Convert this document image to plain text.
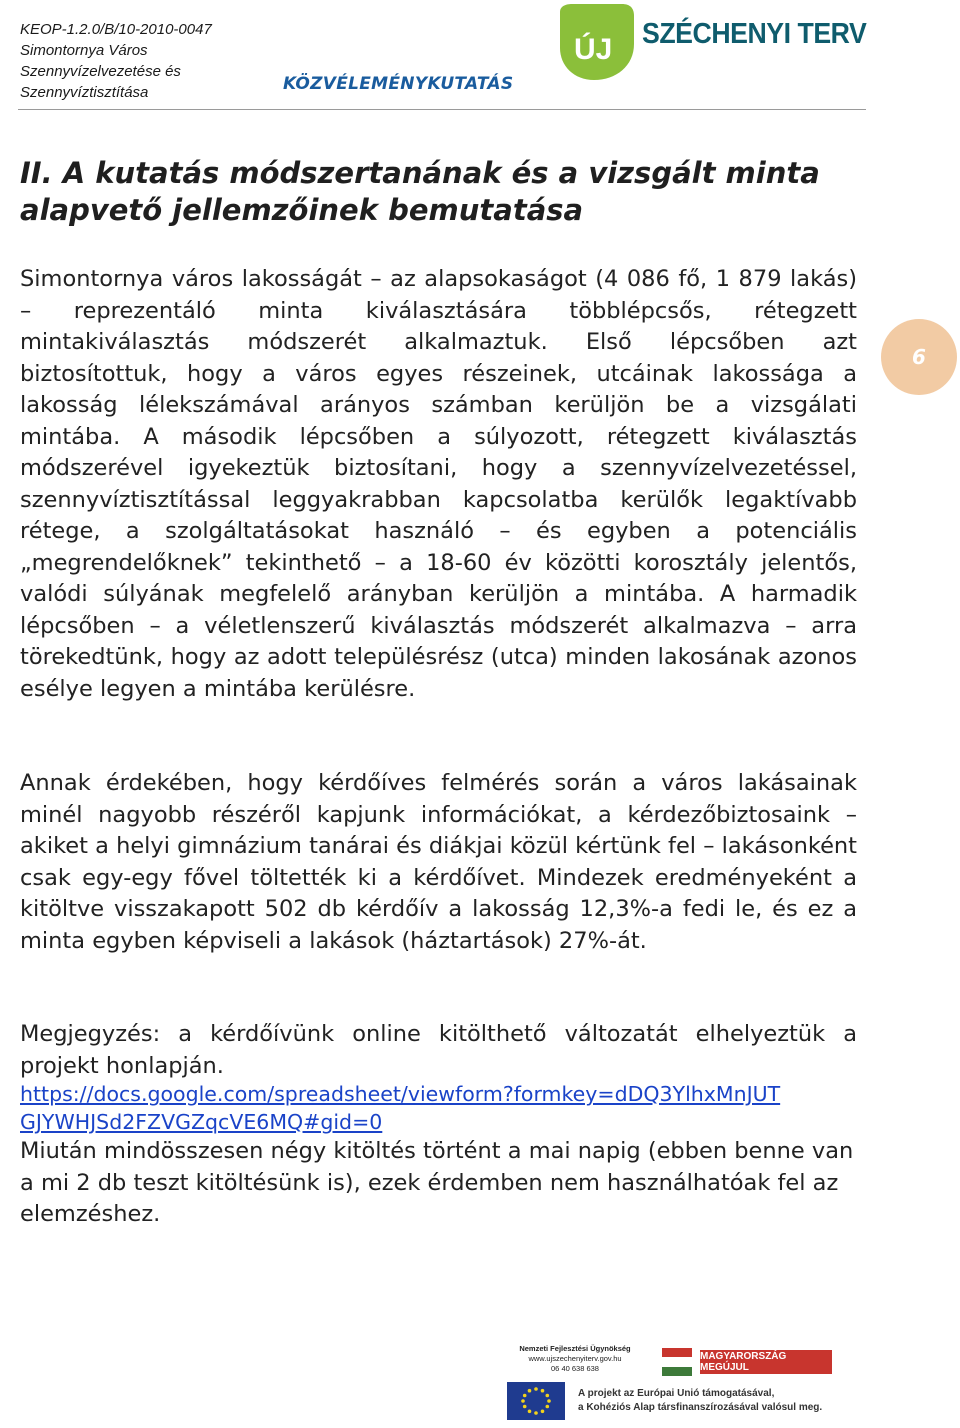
KEOP-1.2.0/B/10-2010-0047
Simontornya Város
Szennyvízelvezetése és
Szennyvíztisztítása	KÖZVÉLEMÉNYKUTATÁS
ÚJ SZÉCHENYI TERV
6
II. A kutatás módszertanának és a vizsgált minta alapvető jellemzőinek bemutatása
Simontornya város lakosságát – az alapsokaságot (4 086 fő, 1 879 lakás) – reprezentáló minta kiválasztására többlépcsős, rétegzett mintakiválasztás módszerét alkalmaztuk. Első lépcsőben azt biztosítottuk, hogy a város egyes részeinek, utcáinak lakossága a lakosság lélekszámával arányos számban kerüljön be a vizsgálati mintába. A második lépcsőben a súlyozott, rétegzett kiválasztás módszerével igyekeztük biztosítani, hogy a szennyvízelvezetéssel, szennyvíztisztítással leggyakrabban kapcsolatba kerülők legaktívabb rétege, a szolgáltatásokat használó – és egyben a potenciális „megrendelőknek” tekinthető – a 18-60 év közötti korosztály jelentős, valódi súlyának megfelelő arányban kerüljön a mintába. A harmadik lépcsőben – a véletlenszerű kiválasztás módszerét alkalmazva – arra törekedtünk, hogy az adott településrész (utca) minden lakosának azonos esélye legyen a mintába kerülésre.
Annak érdekében, hogy kérdőíves felmérés során a város lakásainak minél nagyobb részéről kapjunk információkat, a kérdezőbiztosaink – akiket a helyi gimnázium tanárai és diákjai közül kértünk fel – lakásonként csak egy-egy fővel töltették ki a kérdőívet. Mindezek eredményeként a kitöltve visszakapott 502 db kérdőív a lakosság 12,3%-a fedi le, és ez a minta egyben képviseli a lakások (háztartások) 27%-át.
Megjegyzés: a kérdőívünk online kitölthető változatát elhelyeztük a projekt honlapján.
https://docs.google.com/spreadsheet/viewform?formkey=dDQ3YlhxMnJUT
GJYWHJSd2FZVGZqcVE6MQ#gid=0
Miután mindösszesen négy kitöltés történt a mai napig (ebben benne van a mi 2 db teszt kitöltésünk is), ezek érdemben nem használhatóak fel az elemzéshez.
Nemzeti Fejlesztési Ügynökség
www.ujszechenyiterv.gov.hu
06 40 638 638
MAGYARORSZÁG MEGÚJUL
A projekt az Európai Unió támogatásával,
a Kohéziós Alap társfinanszírozásával valósul meg.
